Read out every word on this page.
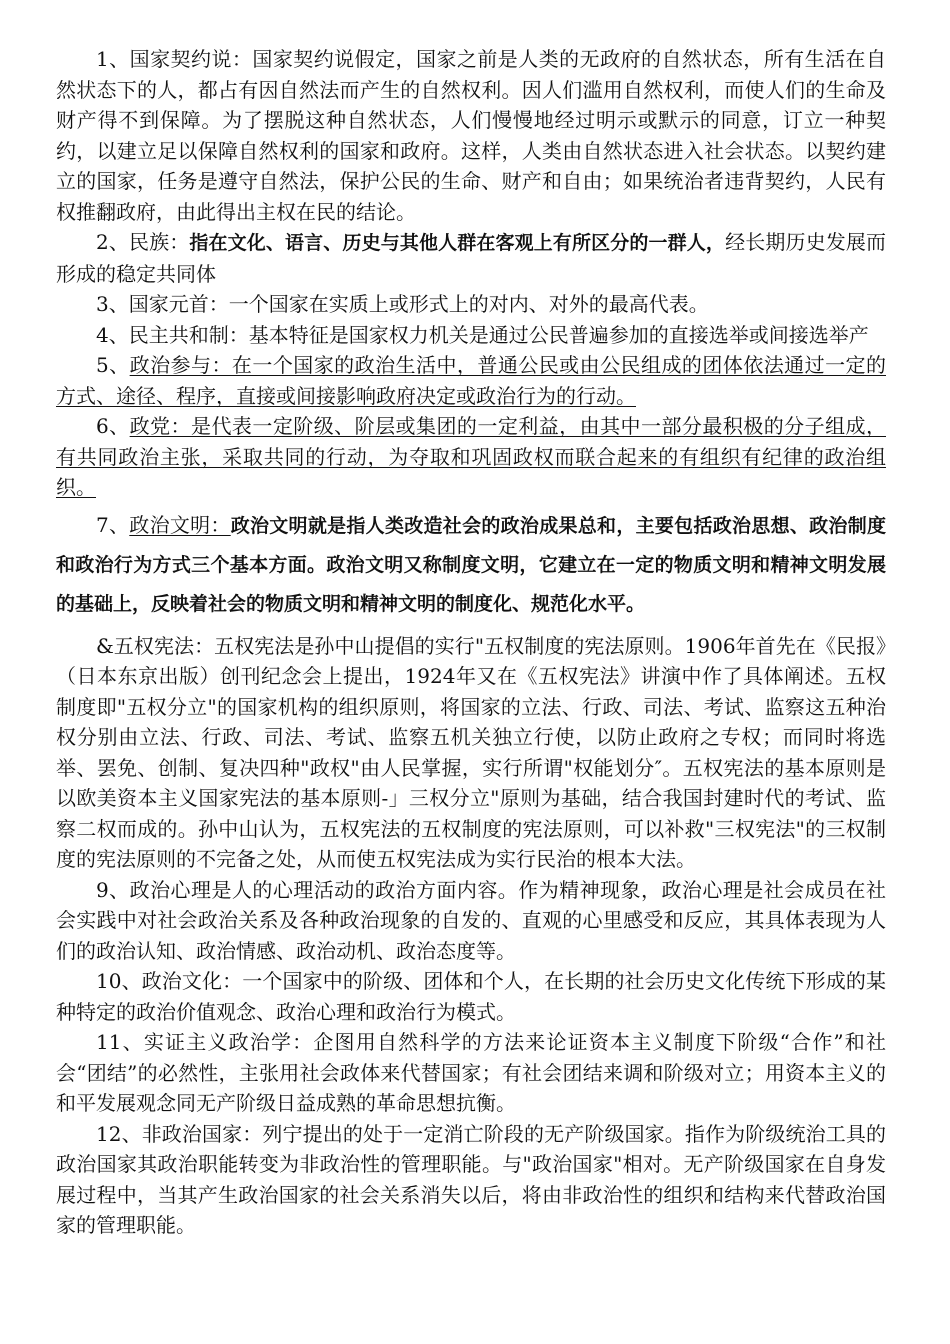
1、国家契约说：国家契约说假定，国家之前是人类的无政府的自然状态，所有生活在自然状态下的人，都占有因自然法而产生的自然权利。因人们滥用自然权利，而使人们的生命及财产得不到保障。为了摆脱这种自然状态，人们慢慢地经过明示或默示的同意，订立一种契约，以建立足以保障自然权利的国家和政府。这样，人类由自然状态进入社会状态。以契约建立的国家，任务是遵守自然法，保护公民的生命、财产和自由；如果统治者违背契约，人民有权推翻政府，由此得出主权在民的结论。

2、民族：指在文化、语言、历史与其他人群在客观上有所区分的一群人，经长期历史发展而形成的稳定共同体

3、国家元首：一个国家在实质上或形式上的对内、对外的最高代表。

4、民主共和制：基本特征是国家权力机关是通过公民普遍参加的直接选举或间接选举产

5、政治参与：在一个国家的政治生活中，普通公民或由公民组成的团体依法通过一定的方式、途径、程序，直接或间接影响政府决定或政治行为的行动。

6、政党：是代表一定阶级、阶层或集团的一定利益，由其中一部分最积极的分子组成，有共同政治主张，采取共同的行动，为夺取和巩固政权而联合起来的有组织有纪律的政治组织。

7、政治文明：政治文明就是指人类改造社会的政治成果总和，主要包括政治思想、政治制度和政治行为方式三个基本方面。政治文明又称制度文明，它建立在一定的物质文明和精神文明发展的基础上，反映着社会的物质文明和精神文明的制度化、规范化水平。

&五权宪法：五权宪法是孙中山提倡的实行"五权制度的宪法原则。1906年首先在《民报》（日本东京出版）创刊纪念会上提出，1924年又在《五权宪法》讲演中作了具体阐述。五权制度即"五权分立"的国家机构的组织原则，将国家的立法、行政、司法、考试、监察这五种治权分别由立法、行政、司法、考试、监察五机关独立行使，以防止政府之专权；而同时将选举、罢免、创制、复决四种"政权"由人民掌握，实行所谓"权能划分″。五权宪法的基本原则是以欧美资本主义国家宪法的基本原则-」三权分立"原则为基础，结合我国封建时代的考试、监察二权而成的。孙中山认为，五权宪法的五权制度的宪法原则，可以补救"三权宪法"的三权制度的宪法原则的不完备之处，从而使五权宪法成为实行民治的根本大法。

9、政治心理是人的心理活动的政治方面内容。作为精神现象，政治心理是社会成员在社会实践中对社会政治关系及各种政治现象的自发的、直观的心里感受和反应，其具体表现为人们的政治认知、政治情感、政治动机、政治态度等。

10、政治文化：一个国家中的阶级、团体和个人，在长期的社会历史文化传统下形成的某种特定的政治价值观念、政治心理和政治行为模式。

11、实证主义政治学：企图用自然科学的方法来论证资本主义制度下阶级“合作”和社会“团结”的必然性，主张用社会政体来代替国家；有社会团结来调和阶级对立；用资本主义的和平发展观念同无产阶级日益成熟的革命思想抗衡。

12、非政治国家：列宁提出的处于一定消亡阶段的无产阶级国家。指作为阶级统治工具的政治国家其政治职能转变为非政治性的管理职能。与"政治国家"相对。无产阶级国家在自身发展过程中，当其产生政治国家的社会关系消失以后，将由非政治性的组织和结构来代替政治国家的管理职能。
